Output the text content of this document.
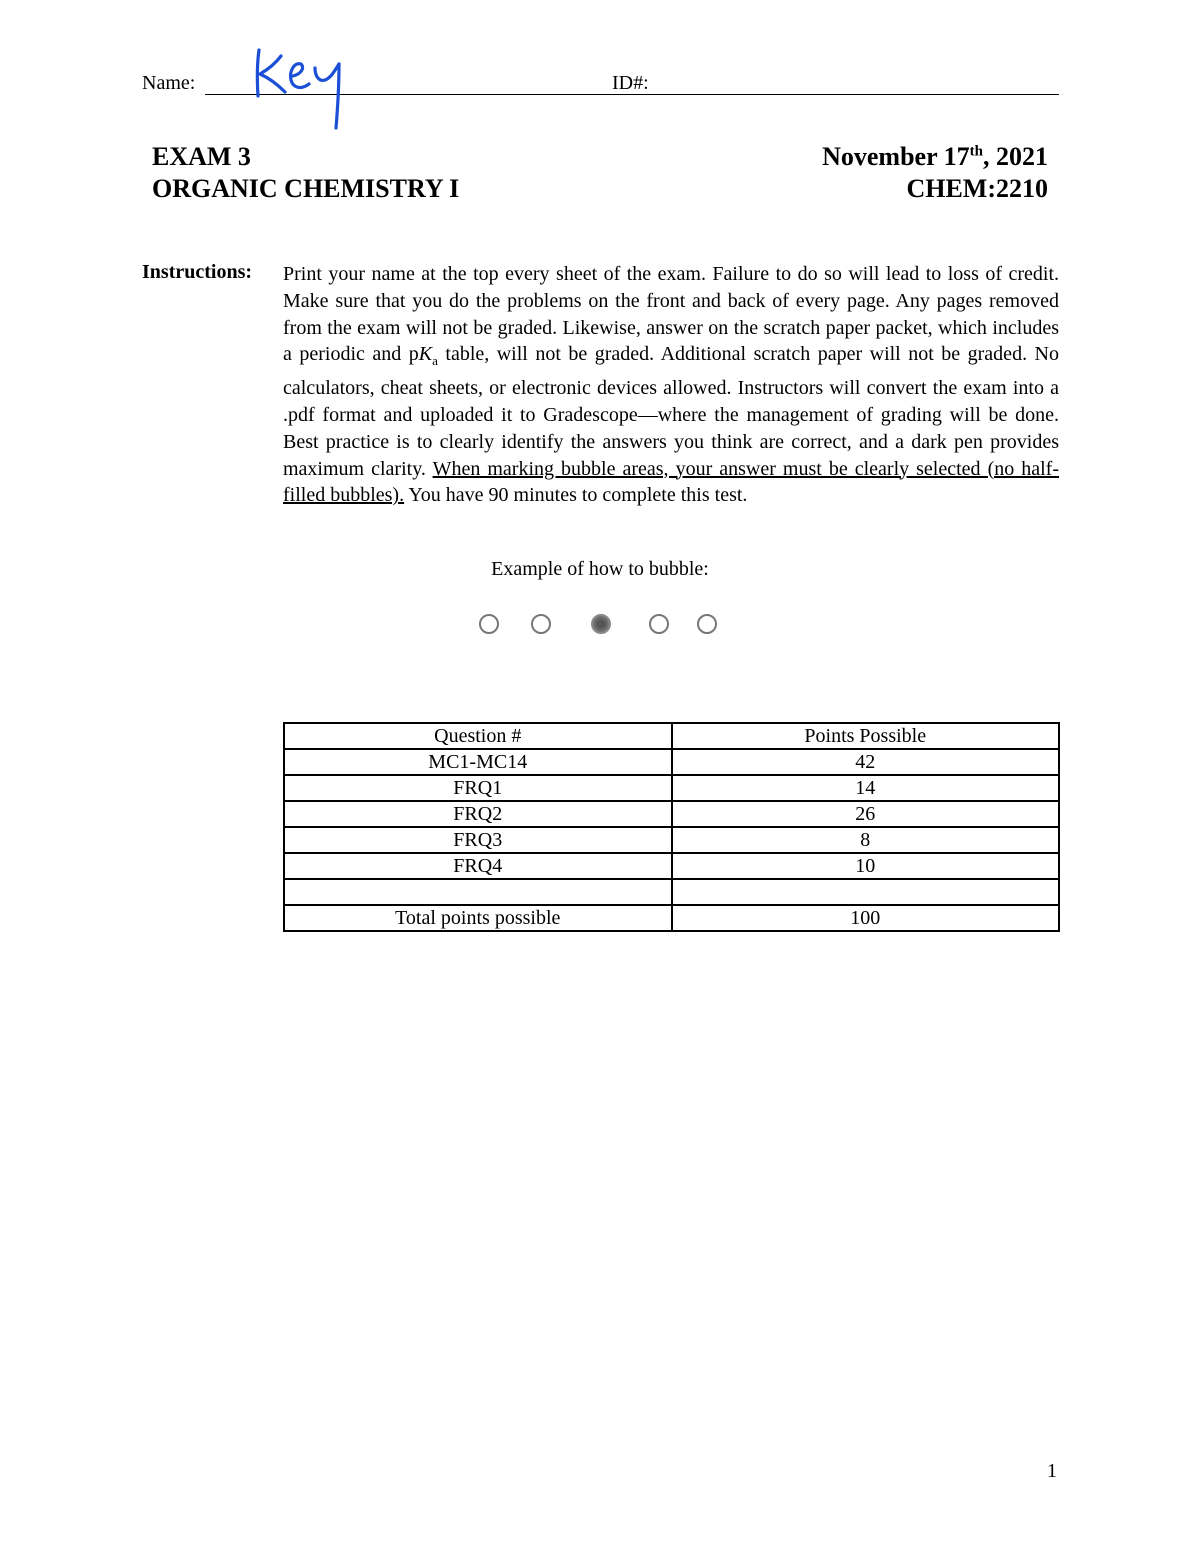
Name:	ID#:
EXAM 3
ORGANIC CHEMISTRY I
November 17th, 2021
CHEM:2210
Instructions: Print your name at the top every sheet of the exam. Failure to do so will lead to loss of credit. Make sure that you do the problems on the front and back of every page. Any pages removed from the exam will not be graded. Likewise, answer on the scratch paper packet, which includes a periodic and $pK_a$ table, will not be graded. Additional scratch paper will not be graded. No calculators, cheat sheets, or electronic devices allowed. Instructors will convert the exam into a .pdf format and uploaded it to Gradescope—where the management of grading will be done. Best practice is to clearly identify the answers you think are correct, and a dark pen provides maximum clarity. When marking bubble areas, your answer must be clearly selected (no half-filled bubbles). You have 90 minutes to complete this test.
Example of how to bubble:
Question #	Points Possible
MC1-MC14	42
FRQ1	14
FRQ2	26
FRQ3	8
FRQ4	10

Total points possible	100
1
